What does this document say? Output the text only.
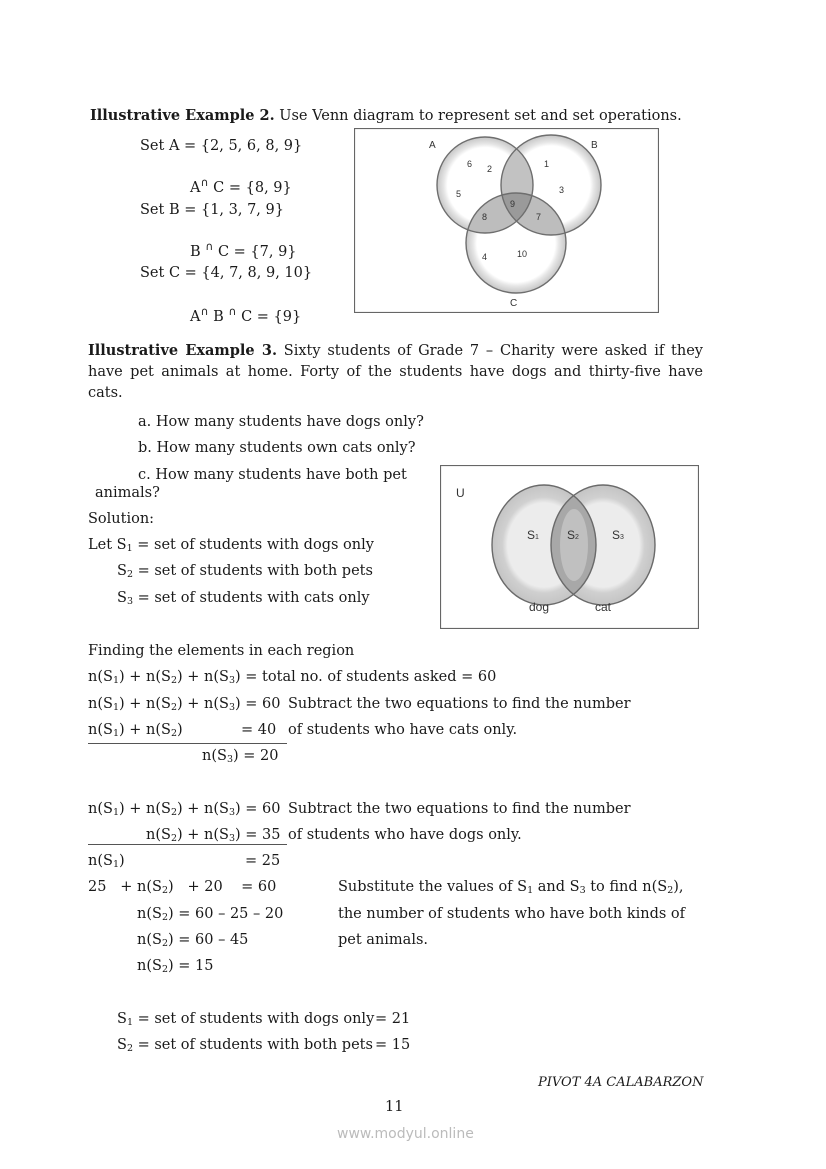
Illustrative Example 2. Use Venn diagram to represent set and set operations.
Set A = {2, 5, 6, 8, 9}
A∩ C = {8, 9}
Set B = {1, 3, 7, 9}
B ∩ C = {7, 9}
Set C = {4, 7, 8, 9, 10}
A∩ B ∩ C = {9}
A	B
C
6 2
5
1
3
8
9
7
4	10
Illustrative Example 3. Sixty students of Grade 7 – Charity were asked if they have pet animals at home. Forty of the students have dogs and thirty-five have cats.
a. How many students have dogs only?
b. How many students own cats only?
c. How many students have both pet
animals?
Solution:
Let $S_1$ = set of students with dogs only
$S_2$ = set of students with both pets
$S_3$ = set of students with cats only
U
S1 S2	S3
dog	cat
Finding the elements in each region
$n(S_1) + n(S_2) + n(S_3)$ = total no. of students asked = 60
$n(S_1) + n(S_2) + n(S_3) = 60$ Subtract the two equations to find the number
$n(S_1) + n(S_2)$	= 40 of students who have cats only.
$n(S_3) = 20$
$n(S_1) + n(S_2) + n(S_3) = 60$ Subtract the two equations to find the number
$n(S_2) + n(S_3) = 35$
of students who have dogs only.
$n(S_1)$	= 25
$25 + n(S_2) + 20 = 60$	Substitute the values of $S_1$ and $S_3$ to find $n(S_2)$,
$n(S_2) = 60 - 25 - 20$	the number of students who have both kinds of
$n(S_2) = 60 - 45$	pet animals.
$n(S_2) = 15$
$S_1$ = set of students with dogs only = 21
$S_2$ = set of students with both pets = 15
PIVOT 4A CALABARZON
11
www.modyul.online
